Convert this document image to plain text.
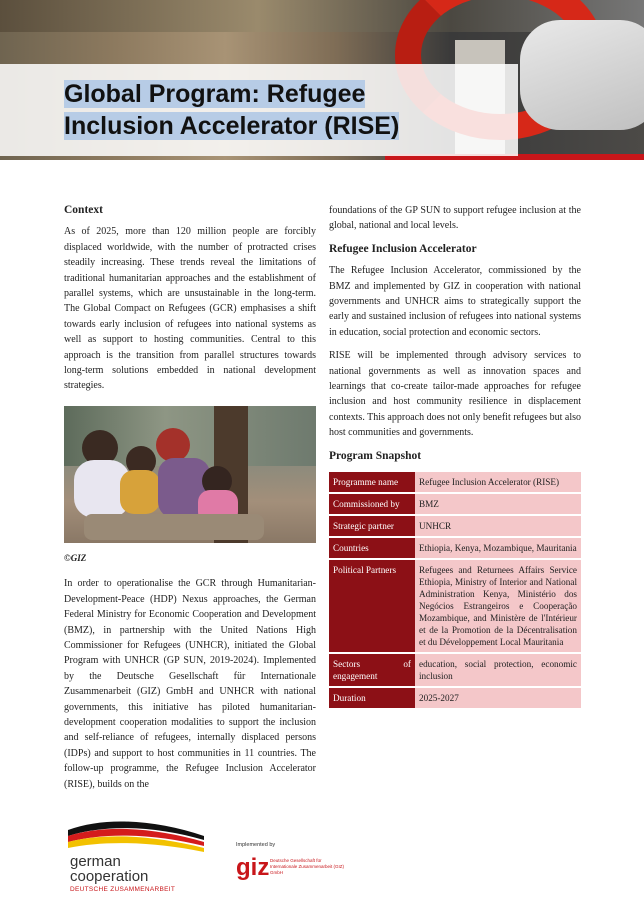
Global Program: Refugee
Inclusion Accelerator (RISE)
Context

As of 2025, more than 120 million people are forcibly displaced worldwide, with the number of protracted crises steadily increasing. These trends reveal the limitations of traditional humanitarian approaches and the establishment of parallel systems, which are unsustainable in the long-term. The Global Compact on Refugees (GCR) emphasises a shift towards early inclusion of refugees into national systems as well as support to hosting communities. Central to this approach is the transition from parallel structures towards long-term solutions embedded in national development strategies.

©GIZ

In order to operationalise the GCR through Humanitarian-Development-Peace (HDP) Nexus approaches, the German Federal Ministry for Economic Cooperation and Development (BMZ), in partnership with the United Nations High Commissioner for Refugees (UNHCR), initiated the Global Program with UNHCR (GP SUN, 2019-2024). Implemented by the Deutsche Gesellschaft für Internationale Zusammenarbeit (GIZ) GmbH and UNHCR with national governments, this initiative has piloted humanitarian-development cooperation modalities to support the inclusion and self-reliance of refugees, internally displaced persons (IDPs) and support to host communities in 11 countries. The follow-up programme, the Refugee Inclusion Accelerator (RISE), builds on the

foundations of the GP SUN to support refugee inclusion at the global, national and local levels.

Refugee Inclusion Accelerator

The Refugee Inclusion Accelerator, commissioned by the BMZ and implemented by GIZ in cooperation with national governments and UNHCR aims to strategically support the early and sustained inclusion of refugees into national systems in education, social protection and economic sectors.

RISE will be implemented through advisory services to national governments as well as innovation spaces and learnings that co-create tailor-made approaches for refugee inclusion and host community resilience in displacement contexts. This approach does not only benefit refugees but also host communities and governments.

Program Snapshot
Programme name	Refugee Inclusion Accelerator (RISE)
Commissioned by	BMZ
Strategic partner	UNHCR
Countries	Ethiopia, Kenya, Mozambique, Mauritania
Political Partners	Refugees and Returnees Affairs Service Ethiopia, Ministry of Interior and National Administration Kenya, Ministério dos Negócios Estrangeiros e Cooperação Mozambique, and Ministère de l'Intérieur et de la Promotion de la Décentralisation et du Développement Local Mauritania
Sectors of engagement	education, social protection, economic inclusion
Duration	2025-2027
german
cooperation
DEUTSCHE ZUSAMMENARBEIT
Implemented by
giz Deutsche Gesellschaft für Internationale Zusammenarbeit (GIZ) GmbH
